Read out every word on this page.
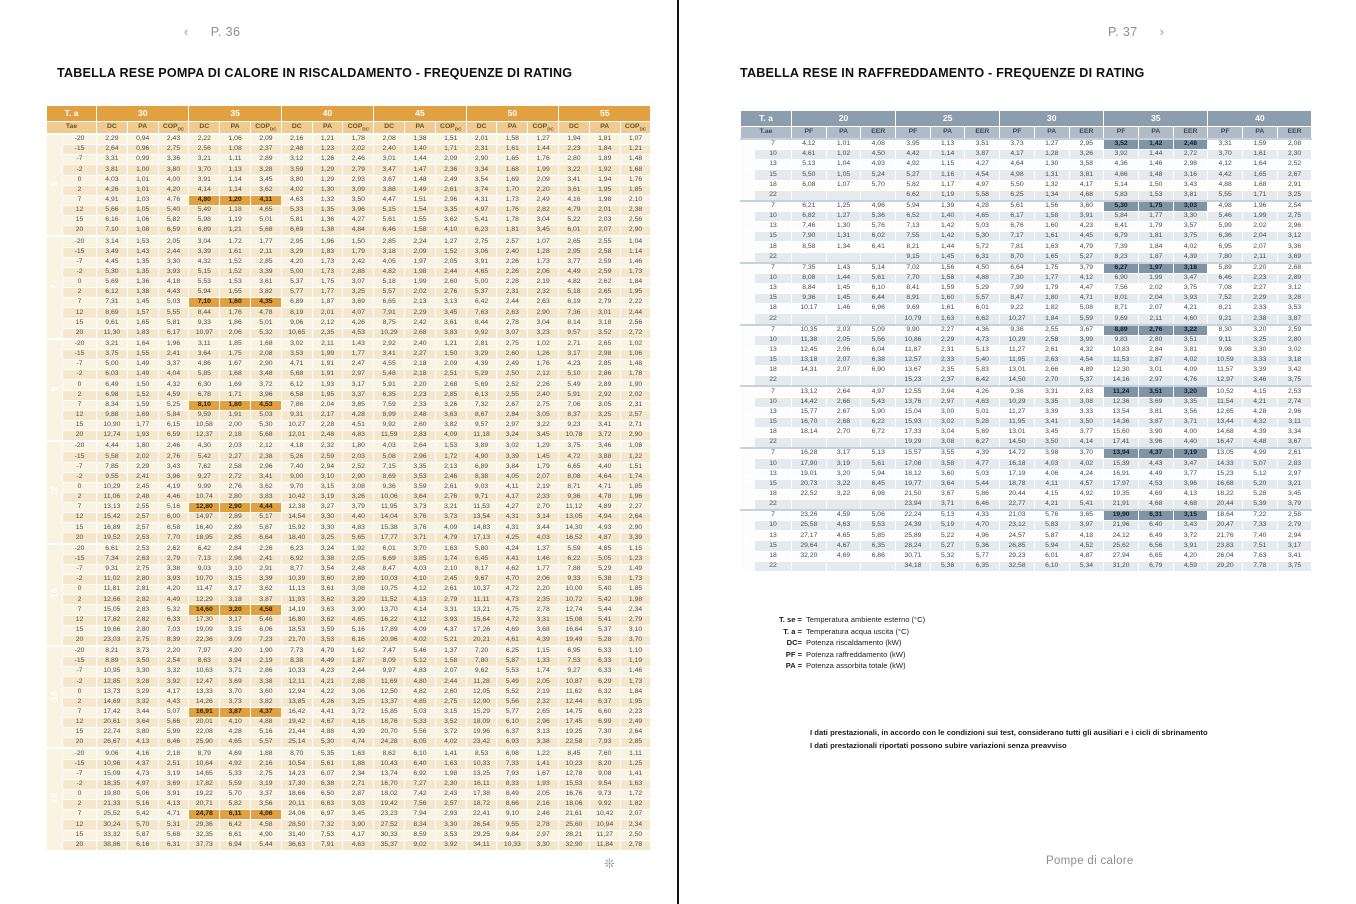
‹ P. 36
TABELLA RESE POMPA DI CALORE IN RISCALDAMENTO - FREQUENZE DI RATING
T. a		30			35			40			45			50			55		
Tae		DC	PA	$COP_{DC}$	DC	PA	$COP_{DC}$	DC	PA	$COP_{DC}$	DC	PA	$COP_{DC}$	DC	PA	$COP_{DC}$	DC	PA	$COP_{DC}$
5	-20	2,29	0,94	2,43	2,22	1,06	2,09	2,16	1,21	1,78	2,08	1,38	1,51	2,01	1,58	1,27	1,94	1,81	1,07
	-15	2,64	0,96	2,75	2,56	1,08	2,37	2,48	1,23	2,02	2,40	1,40	1,71	2,31	1,61	1,44	2,23	1,84	1,21
	-7	3,31	0,99	3,36	3,21	1,11	2,89	3,12	1,26	2,46	3,01	1,44	2,09	2,90	1,65	1,76	2,80	1,89	1,48
	-2	3,81	1,00	3,80	3,70	1,13	3,28	3,59	1,29	2,79	3,47	1,47	2,36	3,34	1,68	1,99	3,22	1,92	1,68
	0	4,03	1,01	4,00	3,91	1,14	3,45	3,80	1,29	2,93	3,67	1,48	2,49	3,54	1,69	2,09	3,41	1,94	1,76
	2	4,26	1,01	4,20	4,14	1,14	3,62	4,02	1,30	3,09	3,88	1,49	2,61	3,74	1,70	2,20	3,61	1,95	1,85
	7	4,91	1,03	4,76	4,80	1,20	4,11	4,63	1,32	3,50	4,47	1,51	2,96	4,31	1,73	2,49	4,16	1,98	2,10
	12	5,66	1,05	5,40	5,49	1,18	4,65	5,33	1,35	3,96	5,15	1,54	3,35	4,97	1,76	2,82	4,79	2,01	2,38
	15	6,16	1,06	5,82	5,98	1,19	5,01	5,81	1,36	4,27	5,61	1,55	3,62	5,41	1,78	3,04	5,22	2,03	2,56
	20	7,10	1,08	6,59	6,89	1,21	5,68	6,69	1,38	4,84	6,46	1,58	4,10	6,23	1,81	3,45	6,01	2,07	2,90
7	-20	3,14	1,53	2,05	3,04	1,72	1,77	2,95	1,96	1,50	2,85	2,24	1,27	2,75	2,57	1,07	2,65	2,55	1,04
	-15	3,49	1,43	2,44	3,39	1,61	2,11	3,29	1,83	1,79	3,18	2,09	1,52	3,06	2,40	1,28	2,95	2,58	1,14
	-7	4,45	1,35	3,30	4,32	1,52	2,85	4,20	1,73	2,42	4,05	1,97	2,05	3,91	2,26	1,73	3,77	2,59	1,46
	-2	5,30	1,35	3,93	5,15	1,52	3,39	5,00	1,73	2,88	4,82	1,98	2,44	4,65	2,26	2,06	4,49	2,59	1,73
	0	5,69	1,36	4,18	5,53	1,53	3,61	5,37	1,75	3,07	5,18	1,99	2,60	5,00	2,28	2,19	4,82	2,62	1,84
	2	6,12	1,38	4,43	5,94	1,55	3,82	5,77	1,77	3,25	5,57	2,02	2,76	5,37	2,31	2,32	5,18	2,65	1,95
	7	7,31	1,45	5,03	7,10	1,60	4,35	6,89	1,87	3,69	6,65	2,13	3,13	6,42	2,44	2,63	6,19	2,79	2,22
	12	8,69	1,57	5,55	8,44	1,76	4,78	8,19	2,01	4,07	7,91	2,29	3,45	7,63	2,63	2,90	7,36	3,01	2,44
	15	9,61	1,65	5,81	9,33	1,86	5,01	9,06	2,12	4,26	8,75	2,42	3,61	8,44	2,78	3,04	8,14	3,18	2,56
	20	11,30	1,83	6,17	10,97	2,06	5,32	10,65	2,35	4,53	10,29	2,68	3,83	9,92	3,07	3,23	9,57	3,52	2,72
9	-20	3,21	1,64	1,96	3,11	1,85	1,68	3,02	2,11	1,43	2,92	2,40	1,21	2,81	2,75	1,02	2,71	2,65	1,02
	-15	3,75	1,55	2,41	3,64	1,75	2,08	3,53	1,99	1,77	3,41	2,27	1,50	3,29	2,60	1,26	3,17	2,98	1,06
	-7	5,00	1,49	3,37	4,86	1,67	2,90	4,71	1,91	2,47	4,55	2,18	2,09	4,39	2,49	1,76	4,23	2,85	1,48
	-2	6,03	1,49	4,04	5,85	1,68	3,48	5,68	1,91	2,97	5,48	2,18	2,51	5,29	2,50	2,12	5,10	2,86	1,78
	0	6,49	1,50	4,32	6,30	1,69	3,72	6,12	1,93	3,17	5,91	2,20	2,68	5,69	2,52	2,26	5,49	2,89	1,90
	2	6,98	1,52	4,59	6,78	1,71	3,96	6,58	1,95	3,37	6,35	2,23	2,85	6,13	2,55	2,40	5,91	2,92	2,02
	7	8,34	1,59	5,25	8,10	1,80	4,53	7,86	2,04	3,85	7,59	2,33	3,26	7,32	2,67	2,75	7,06	3,05	2,31
	12	9,88	1,69	5,84	9,59	1,91	5,03	9,31	2,17	4,28	8,99	2,48	3,63	8,67	2,84	3,05	8,37	3,25	2,57
	15	10,90	1,77	6,15	10,58	2,00	5,30	10,27	2,28	4,51	9,92	2,60	3,82	9,57	2,97	3,22	9,23	3,41	2,71
	20	12,74	1,93	6,59	12,37	2,18	5,68	12,01	2,48	4,83	11,59	2,83	4,09	11,18	3,24	3,45	10,78	3,72	2,90
12	-20	4,44	1,80	2,46	4,30	2,03	2,12	4,18	2,32	1,80	4,03	2,64	1,53	3,89	3,02	1,29	3,75	3,46	1,08
	-15	5,58	2,02	2,76	5,42	2,27	2,38	5,26	2,59	2,03	5,08	2,96	1,72	4,90	3,39	1,45	4,72	3,88	1,22
	-7	7,85	2,29	3,43	7,62	2,58	2,96	7,40	2,94	2,52	7,15	3,35	2,13	6,89	3,84	1,79	6,65	4,40	1,51
	-2	9,55	2,41	3,96	9,27	2,72	3,41	9,00	3,10	2,90	8,69	3,53	2,46	8,38	4,05	2,07	8,08	4,64	1,74
	0	10,29	2,45	4,19	9,99	2,76	3,62	9,70	3,15	3,08	9,36	3,59	2,61	9,03	4,11	2,19	8,71	4,71	1,85
	2	11,06	2,48	4,46	10,74	2,80	3,83	10,42	3,19	3,26	10,06	3,64	2,76	9,71	4,17	2,33	9,36	4,78	1,96
	7	13,13	2,55	5,16	12,80	2,90	4,44	12,38	3,27	3,79	11,95	3,73	3,21	11,53	4,27	2,70	11,12	4,89	2,27
	12	15,42	2,57	6,00	14,97	2,89	5,17	14,54	3,30	4,40	14,04	3,76	3,73	13,54	4,31	3,14	13,05	4,94	2,64
	15	16,89	2,57	6,58	16,40	2,89	5,67	15,92	3,30	4,83	15,38	3,76	4,09	14,83	4,31	3,44	14,30	4,93	2,90
	20	19,52	2,53	7,70	18,95	2,85	6,64	18,40	3,25	5,65	17,77	3,71	4,79	17,13	4,25	4,03	16,52	4,87	3,39
15	-20	6,61	2,53	2,62	6,42	2,84	2,26	6,23	3,24	1,92	6,01	3,70	1,63	5,80	4,24	1,37	5,59	4,85	1,15
	-15	7,34	2,63	2,79	7,13	2,96	2,41	6,92	3,38	2,05	6,69	3,85	1,74	6,45	4,41	1,46	6,22	5,05	1,23
	-7	9,31	2,75	3,38	9,03	3,10	2,91	8,77	3,54	2,48	8,47	4,03	2,10	8,17	4,62	1,77	7,88	5,29	1,49
	-2	11,02	2,80	3,93	10,70	3,15	3,39	10,39	3,60	2,89	10,03	4,10	2,45	9,67	4,70	2,06	9,33	5,38	1,73
	0	11,81	2,81	4,20	11,47	3,17	3,62	11,13	3,61	3,08	10,75	4,12	2,61	10,37	4,72	2,20	10,00	5,40	1,85
	2	12,66	2,82	4,49	12,29	3,18	3,87	11,93	3,62	3,29	11,52	4,13	2,79	11,11	4,73	2,35	10,72	5,42	1,98
	7	15,05	2,83	5,32	14,60	3,20	4,58	14,19	3,63	3,90	13,70	4,14	3,31	13,21	4,75	2,78	12,74	5,44	2,34
	12	17,82	2,82	6,33	17,30	3,17	5,46	16,80	3,62	4,65	16,22	4,12	3,93	15,64	4,72	3,31	15,08	5,41	2,79
	15	19,66	2,80	7,03	19,09	3,15	6,06	18,53	3,59	5,16	17,89	4,09	4,37	17,26	4,69	3,68	16,64	5,37	3,10
	20	23,03	2,75	8,39	22,36	3,09	7,23	21,70	3,53	6,16	20,96	4,02	5,21	20,21	4,61	4,39	19,49	5,28	3,70
18	-20	8,21	3,73	2,20	7,97	4,20	1,90	7,73	4,79	1,62	7,47	5,46	1,37	7,20	6,25	1,15	6,95	6,33	1,10
	-15	8,89	3,50	2,54	8,63	3,94	2,19	8,38	4,49	1,87	8,09	5,12	1,58	7,80	5,87	1,33	7,53	6,33	1,19
	-7	10,95	3,30	3,32	10,63	3,71	2,86	10,33	4,23	2,44	9,97	4,83	2,07	9,62	5,53	1,74	9,27	6,33	1,46
	-2	12,85	3,28	3,92	12,47	3,69	3,38	12,11	4,21	2,88	11,69	4,80	2,44	11,28	5,49	2,05	10,87	6,29	1,73
	0	13,73	3,29	4,17	13,33	3,70	3,60	12,94	4,22	3,06	12,50	4,82	2,60	12,05	5,52	2,19	11,62	6,32	1,84
	2	14,69	3,32	4,43	14,26	3,73	3,82	13,85	4,26	3,25	13,37	4,85	2,75	12,90	5,56	2,32	12,44	6,37	1,95
	7	17,42	3,44	5,07	16,91	3,87	4,37	16,42	4,41	3,72	15,85	5,03	3,15	15,29	5,77	2,65	14,75	6,60	2,23
	12	20,61	3,64	5,66	20,01	4,10	4,88	19,42	4,67	4,16	18,76	5,33	3,52	18,09	6,10	2,96	17,45	6,99	2,49
	15	22,74	3,80	5,99	22,08	4,28	5,16	21,44	4,88	4,39	20,70	5,56	3,72	19,96	6,37	3,13	19,25	7,30	2,64
	20	26,67	4,13	6,46	25,90	4,65	5,57	25,14	5,30	4,74	24,28	6,05	4,02	23,42	6,93	3,38	22,58	7,93	2,85
25	-20	9,06	4,16	2,18	8,79	4,69	1,88	8,70	5,35	1,63	8,62	6,10	1,41	8,53	6,98	1,22	8,45	7,60	1,11
	-15	10,96	4,37	2,51	10,64	4,92	2,16	10,54	5,61	1,88	10,43	6,40	1,63	10,33	7,33	1,41	10,23	8,20	1,25
	-7	15,09	4,73	3,19	14,65	5,33	2,75	14,23	6,07	2,34	13,74	6,92	1,98	13,25	7,93	1,67	12,78	9,08	1,41
	-2	18,35	4,97	3,69	17,82	5,59	3,19	17,30	6,38	2,71	16,70	7,27	2,30	16,11	8,33	1,93	15,53	9,54	1,63
	0	19,80	5,06	3,91	19,22	5,70	3,37	18,66	6,50	2,87	18,02	7,42	2,43	17,38	8,49	2,05	16,76	9,73	1,72
	2	21,33	5,16	4,13	20,71	5,82	3,56	20,11	6,63	3,03	19,42	7,56	2,57	18,72	8,66	2,16	18,06	9,92	1,82
	7	25,52	5,42	4,71	24,78	6,11	4,06	24,06	6,97	3,45	23,23	7,94	2,93	22,41	9,10	2,46	21,61	10,42	2,07
	12	30,24	5,70	5,31	29,36	6,42	4,58	28,50	7,32	3,90	27,52	8,34	3,30	26,54	9,55	2,78	25,60	10,94	2,34
	15	33,32	5,87	5,68	32,35	6,61	4,90	31,40	7,53	4,17	30,33	8,59	3,53	29,25	9,84	2,97	28,21	11,27	2,50
	20	38,86	6,16	6,31	37,73	6,94	5,44	36,63	7,91	4,63	35,37	9,02	3,92	34,11	10,33	3,30	32,90	11,84	2,78
❊
P. 37 ›
TABELLA RESE IN RAFFREDDAMENTO - FREQUENZE DI RATING
T. a		20			25			30			35			40		
T.ae		PF	PA	EER	PF	PA	EER	PF	PA	EER	PF	PA	EER	PF	PA	EER
5	7	4,12	1,01	4,08	3,95	1,13	3,51	3,73	1,27	2,95	3,52	1,42	2,48	3,31	1,59	2,08
	10	4,61	1,02	4,50	4,42	1,14	3,87	4,17	1,28	3,26	3,92	1,44	2,72	3,70	1,61	2,30
	13	5,13	1,04	4,93	4,92	1,15	4,27	4,64	1,30	3,58	4,36	1,46	2,98	4,12	1,64	2,52
	15	5,50	1,05	5,24	5,27	1,16	4,54	4,98	1,31	3,81	4,66	1,48	3,16	4,42	1,65	2,67
	18	6,08	1,07	5,70	5,82	1,17	4,97	5,50	1,32	4,17	5,14	1,50	3,43	4,88	1,68	2,91
	22				6,62	1,19	5,58	6,25	1,34	4,68	5,83	1,53	3,81	5,55	1,71	3,25
7	7	6,21	1,25	4,96	5,94	1,39	4,28	5,61	1,56	3,60	5,30	1,75	3,03	4,98	1,96	2,54
	10	6,82	1,27	5,36	6,52	1,40	4,65	6,17	1,58	3,91	5,84	1,77	3,30	5,46	1,99	2,75
	13	7,46	1,30	5,76	7,13	1,42	5,03	6,76	1,60	4,23	6,41	1,79	3,57	5,99	2,02	2,96
	15	7,90	1,31	6,02	7,55	1,42	5,30	7,17	1,61	4,45	6,79	1,81	3,75	6,36	2,04	3,12
	18	8,58	1,34	6,41	8,21	1,44	5,72	7,81	1,63	4,79	7,39	1,84	4,02	6,95	2,07	3,36
	22				9,15	1,45	6,31	8,70	1,65	5,27	8,23	1,87	4,39	7,80	2,11	3,69
9	7	7,35	1,43	5,14	7,02	1,56	4,50	6,64	1,75	3,79	6,27	1,97	3,18	5,89	2,20	2,68
	10	8,08	1,44	5,61	7,70	1,58	4,88	7,30	1,77	4,12	6,90	1,99	3,47	6,46	2,23	2,89
	13	8,84	1,45	6,10	8,41	1,59	5,29	7,99	1,79	4,47	7,56	2,02	3,75	7,08	2,27	3,12
	15	9,36	1,45	6,44	8,91	1,60	5,57	8,47	1,80	4,71	8,01	2,04	3,93	7,52	2,29	3,28
	18	10,17	1,46	6,96	9,69	1,61	6,01	9,22	1,82	5,08	8,71	2,07	4,21	8,21	2,33	3,53
	22				10,79	1,63	6,62	10,27	1,84	5,59	9,69	2,11	4,60	9,21	2,38	3,87
12	7	10,35	2,03	5,09	9,90	2,27	4,36	9,36	2,55	3,67	8,89	2,76	3,22	8,30	3,20	2,59
	10	11,38	2,05	5,56	10,86	2,29	4,73	10,29	2,58	3,99	9,83	2,80	3,51	9,11	3,25	2,80
	13	12,45	2,06	6,04	11,87	2,31	5,13	11,27	2,61	4,32	10,83	2,84	3,81	9,98	3,30	3,02
	15	13,18	2,07	6,38	12,57	2,33	5,40	11,95	2,63	4,54	11,53	2,87	4,02	10,59	3,33	3,18
	18	14,31	2,07	6,90	13,67	2,35	5,83	13,01	2,66	4,89	12,30	3,01	4,09	11,57	3,39	3,42
	22				15,23	2,37	6,42	14,50	2,70	5,37	14,16	2,97	4,76	12,97	3,46	3,75
15	7	13,12	2,64	4,97	12,55	2,94	4,26	9,36	3,31	2,83	11,24	3,51	3,20	10,52	4,15	2,53
	10	14,42	2,66	5,43	13,76	2,97	4,63	10,29	3,35	3,08	12,36	3,69	3,35	11,54	4,21	2,74
	13	15,77	2,67	5,90	15,04	3,00	5,01	11,27	3,39	3,33	13,54	3,81	3,56	12,65	4,28	2,96
	15	16,70	2,68	6,22	15,93	3,02	5,28	11,95	3,41	3,50	14,36	3,87	3,71	13,44	4,32	3,11
	18	18,14	2,70	6,72	17,33	3,04	5,69	13,01	3,45	3,77	15,60	3,90	4,00	14,68	4,39	3,34
	22				19,29	3,08	6,27	14,50	3,50	4,14	17,41	3,96	4,40	16,47	4,48	3,67
18	7	16,28	3,17	5,13	15,57	3,55	4,39	14,72	3,98	3,70	13,94	4,37	3,19	13,05	4,99	2,61
	10	17,90	3,19	5,61	17,08	3,58	4,77	16,18	4,03	4,02	15,39	4,43	3,47	14,33	5,07	2,83
	13	19,01	3,20	5,94	18,12	3,60	5,03	17,19	4,06	4,24	16,91	4,49	3,77	15,23	5,12	2,97
	15	20,73	3,22	6,45	19,77	3,64	5,44	18,78	4,11	4,57	17,97	4,53	3,96	16,68	5,20	3,21
	18	22,52	3,22	6,98	21,50	3,67	5,86	20,44	4,15	4,92	19,35	4,69	4,13	18,22	5,28	3,45
	22				23,94	3,71	6,46	22,77	4,21	5,41	21,91	4,68	4,68	20,44	5,39	3,79
25	7	23,26	4,59	5,06	22,24	5,13	4,33	21,03	5,76	3,65	19,90	6,31	3,15	18,64	7,22	2,58
	10	25,58	4,63	5,53	24,39	5,19	4,70	23,12	5,83	3,97	21,96	6,40	3,43	20,47	7,33	2,79
	13	27,17	4,65	5,85	25,89	5,22	4,96	24,57	5,87	4,18	24,12	6,49	3,72	21,76	7,40	2,94
	15	29,64	4,67	6,35	28,24	5,27	5,36	26,85	5,94	4,52	25,62	6,56	3,91	23,83	7,51	3,17
	18	32,20	4,69	6,86	30,71	5,32	5,77	29,23	6,01	4,87	27,94	6,65	4,20	26,04	7,63	3,41
	22				34,18	5,38	6,35	32,58	6,10	5,34	31,20	6,79	4,59	29,20	7,78	3,75
T. se = Temperatura ambiente esterno (°C)
T. a = Temperatura acqua uscita (°C)
DC= Potenza riscaldamento (kW)
PF = Potenza raffreddamento (kW)
PA = Potenza assorbita totale (kW)
I dati prestazionali, in accordo con le condizioni sui test, considerano tutti gli ausiliari e i cicli di sbrinamento
I dati prestazionali riportati possono subire variazioni senza preavviso
Pompe di calore
